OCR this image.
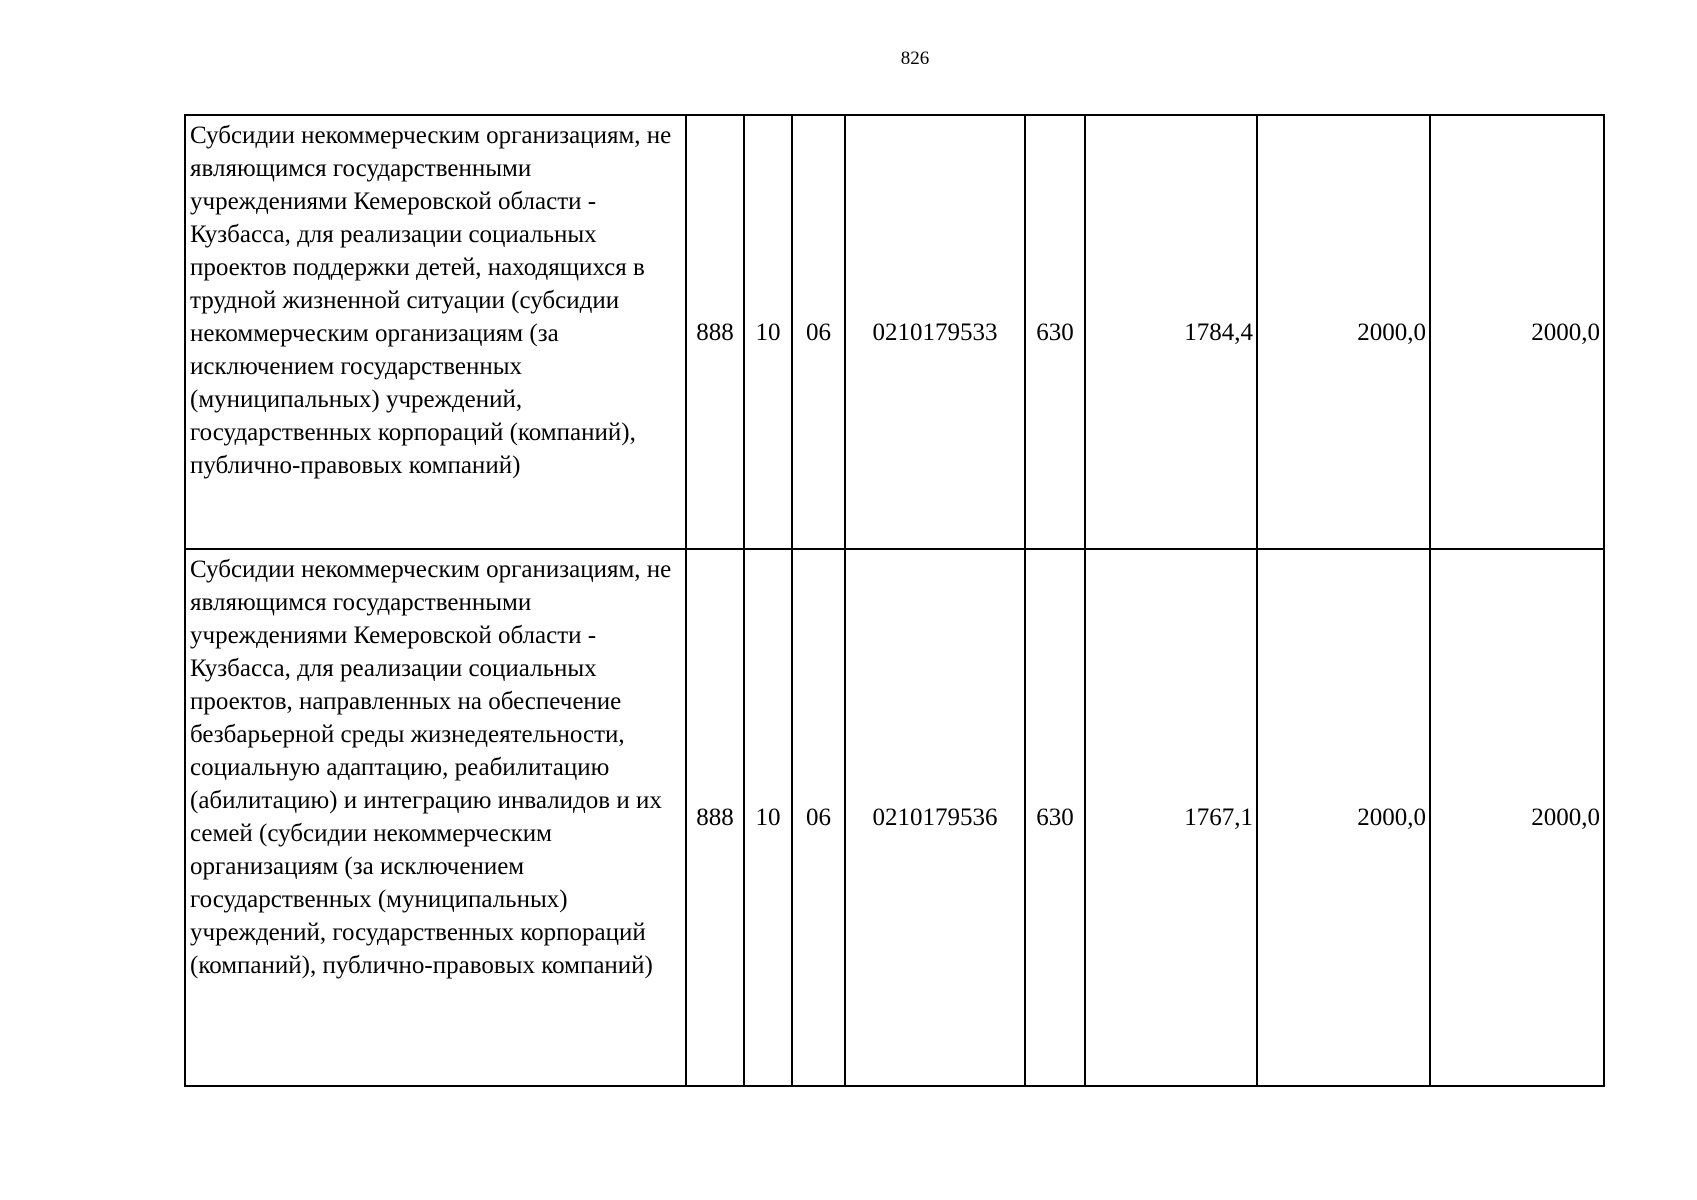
826
Субсидии некоммерческим организациям, не являющимся государственными учреждениями Кемеровской области - Кузбасса, для реализации социальных проектов поддержки детей, находящихся в трудной жизненной ситуации (субсидии некоммерческим организациям (за исключением государственных (муниципальных) учреждений, государственных корпораций (компаний), публично-правовых компаний)	888	10	06	0210179533	630	1784,4	2000,0	2000,0
Субсидии некоммерческим организациям, не являющимся государственными учреждениями Кемеровской области - Кузбасса, для реализации социальных проектов, направленных на обеспечение безбарьерной среды жизнедеятельности, социальную адаптацию, реабилитацию (абилитацию) и интеграцию инвалидов и их семей (субсидии некоммерческим организациям (за исключением государственных (муниципальных) учреждений, государственных корпораций (компаний), публично-правовых компаний)	888	10	06	0210179536	630	1767,1	2000,0	2000,0
